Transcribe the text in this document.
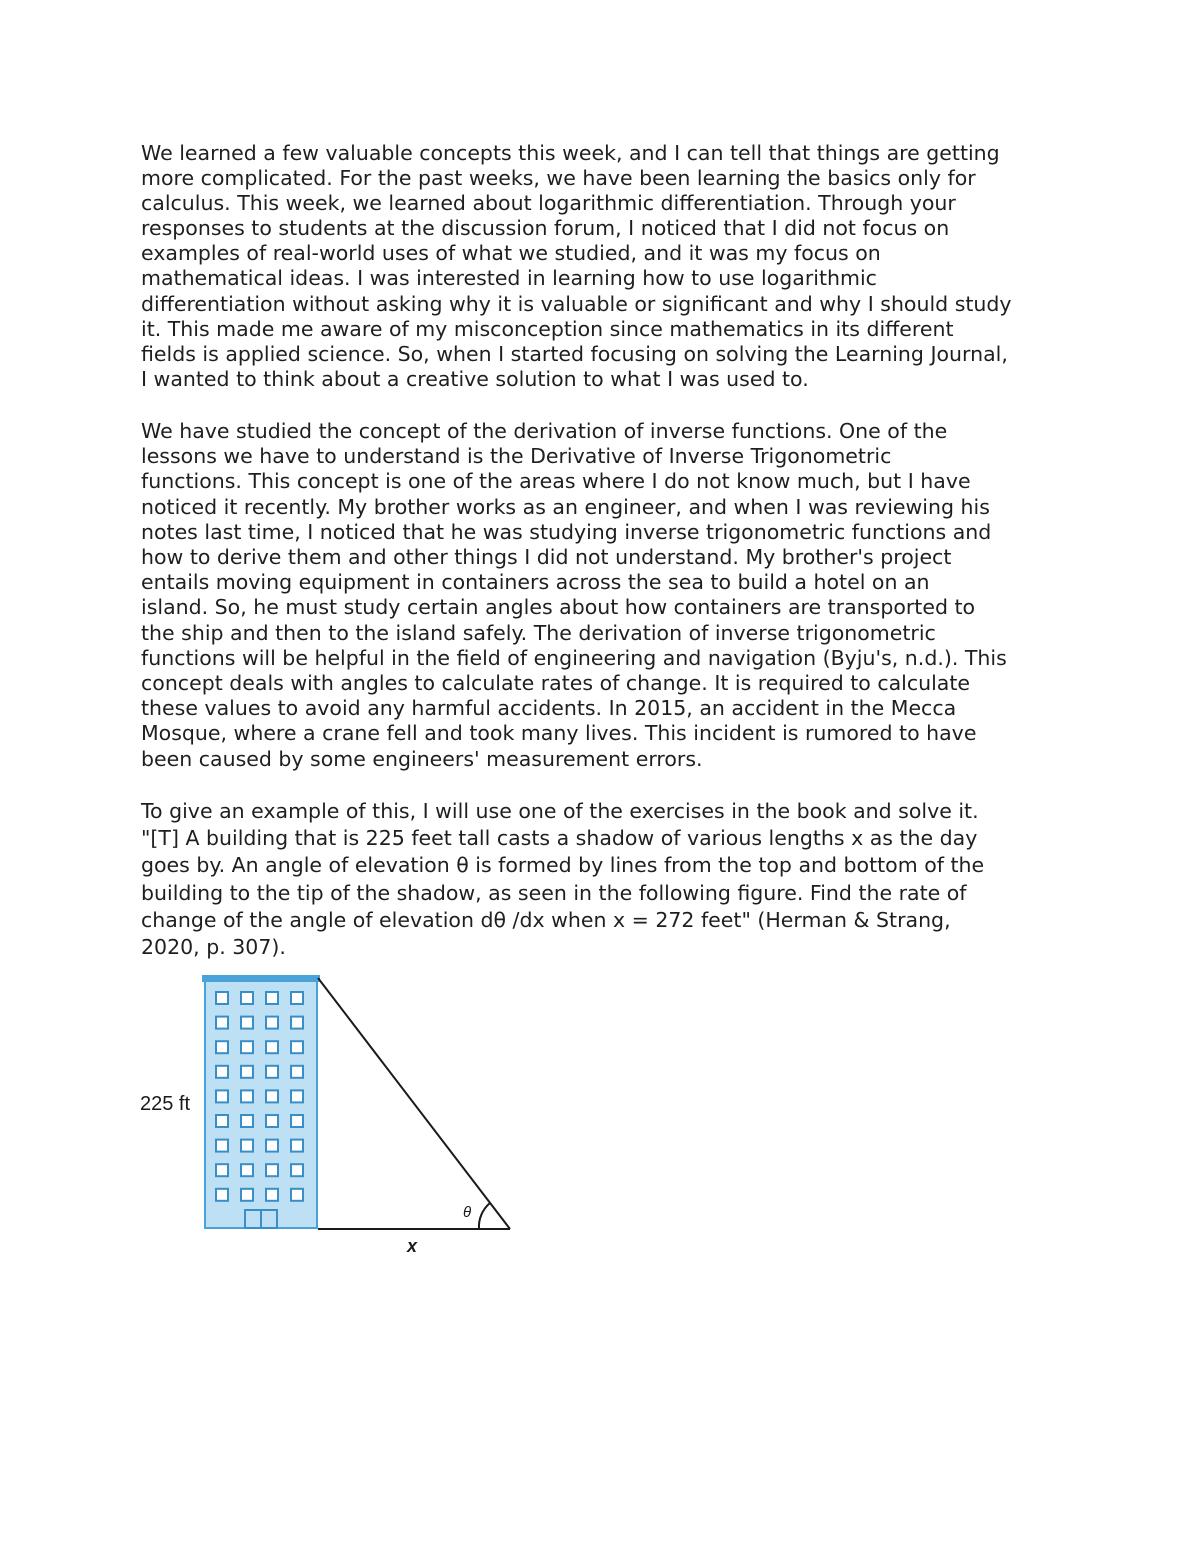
We learned a few valuable concepts this week, and I can tell that things are getting
more complicated. For the past weeks, we have been learning the basics only for
calculus. This week, we learned about logarithmic differentiation. Through your
responses to students at the discussion forum, I noticed that I did not focus on
examples of real-world uses of what we studied, and it was my focus on
mathematical ideas. I was interested in learning how to use logarithmic
differentiation without asking why it is valuable or significant and why I should study
it. This made me aware of my misconception since mathematics in its different
fields is applied science. So, when I started focusing on solving the Learning Journal,
I wanted to think about a creative solution to what I was used to.

We have studied the concept of the derivation of inverse functions. One of the
lessons we have to understand is the Derivative of Inverse Trigonometric
functions. This concept is one of the areas where I do not know much, but I have
noticed it recently. My brother works as an engineer, and when I was reviewing his
notes last time, I noticed that he was studying inverse trigonometric functions and
how to derive them and other things I did not understand. My brother's project
entails moving equipment in containers across the sea to build a hotel on an
island. So, he must study certain angles about how containers are transported to
the ship and then to the island safely. The derivation of inverse trigonometric
functions will be helpful in the field of engineering and navigation (Byju's, n.d.). This
concept deals with angles to calculate rates of change. It is required to calculate
these values to avoid any harmful accidents. In 2015, an accident in the Mecca
Mosque, where a crane fell and took many lives. This incident is rumored to have
been caused by some engineers' measurement errors.

To give an example of this, I will use one of the exercises in the book and solve it.
"[T] A building that is 225 feet tall casts a shadow of various lengths x as the day
goes by. An angle of elevation θ is formed by lines from the top and bottom of the
building to the tip of the shadow, as seen in the following figure. Find the rate of
change of the angle of elevation dθ /dx when x = 272 feet" (Herman & Strang,
2020, p. 307).

225 ft
θ
x
